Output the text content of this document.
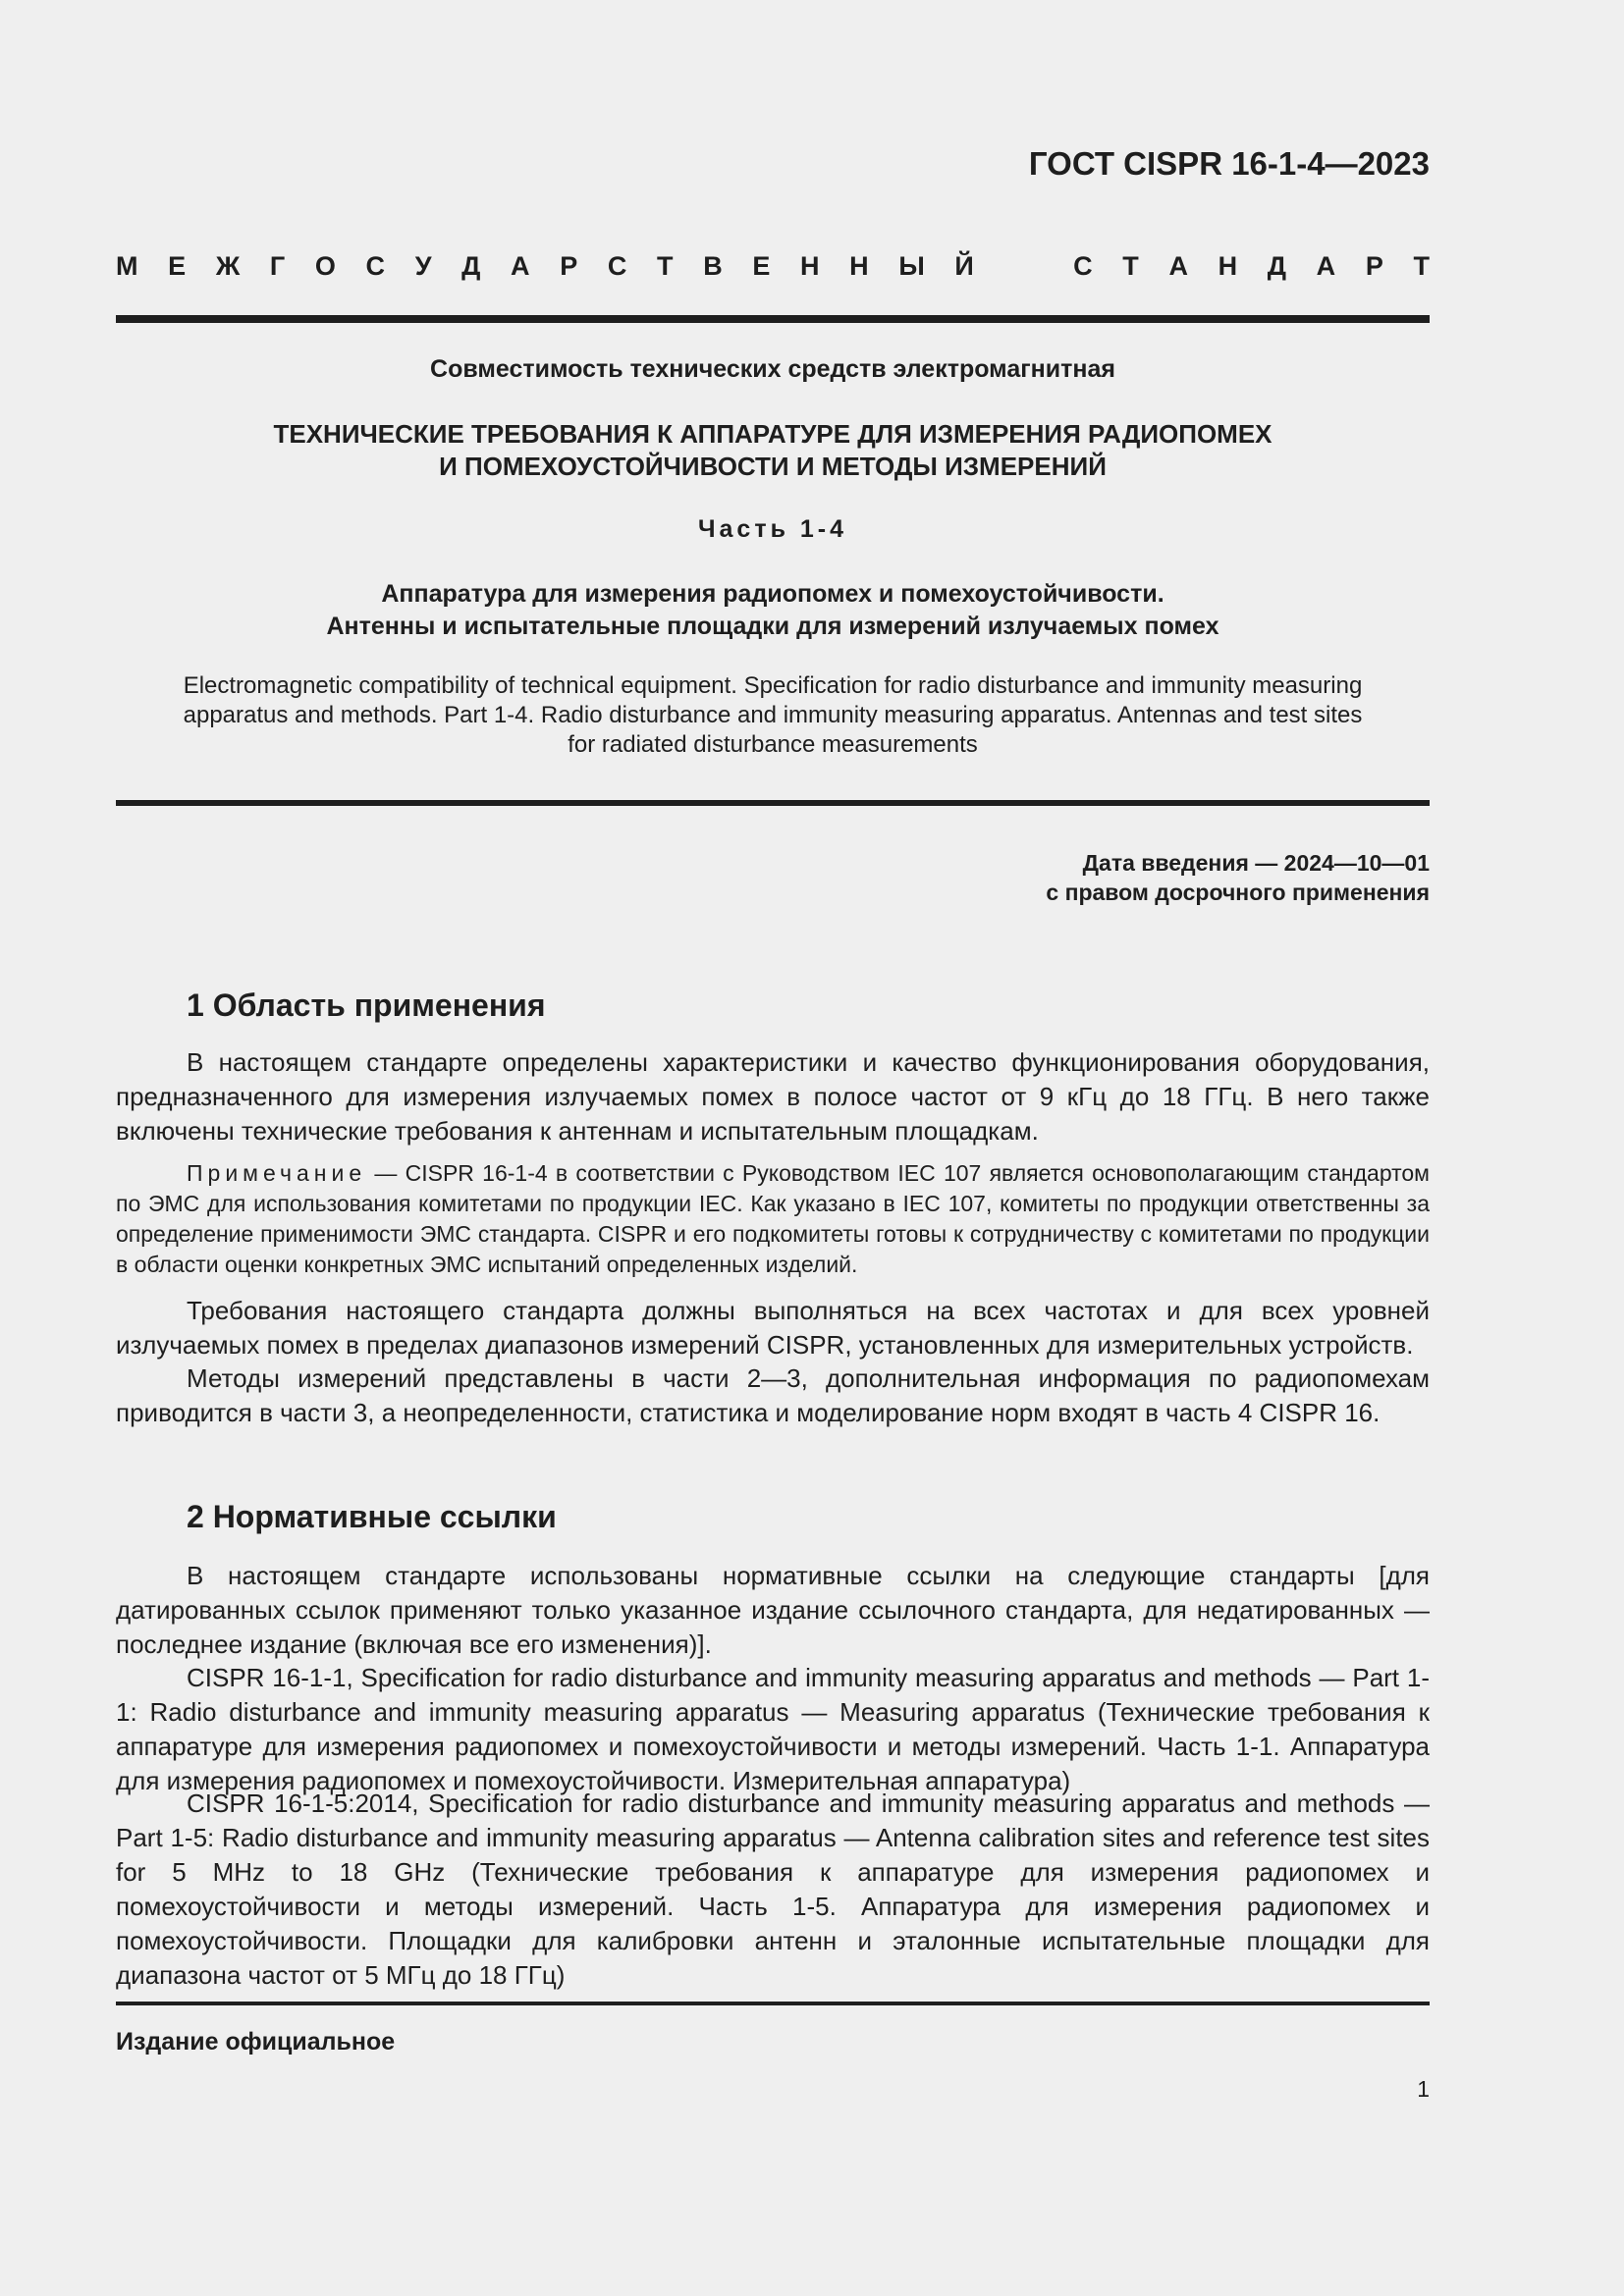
ГОСТ CISPR 16-1-4—2023

М Е Ж Г О С У Д А Р С Т В Е Н Н Ы Й	С Т А Н Д А Р Т

Совместимость технических средств электромагнитная

ТЕХНИЧЕСКИЕ ТРЕБОВАНИЯ К АППАРАТУРЕ ДЛЯ ИЗМЕРЕНИЯ РАДИОПОМЕХ
И ПОМЕХОУСТОЙЧИВОСТИ И МЕТОДЫ ИЗМЕРЕНИЙ

Часть 1-4

Аппаратура для измерения радиопомех и помехоустойчивости.
Антенны и испытательные площадки для измерений излучаемых помех
Electromagnetic compatibility of technical equipment. Specification for radio disturbance and immunity measuring
apparatus and methods. Part 1-4. Radio disturbance and immunity measuring apparatus. Antennas and test sites
for radiated disturbance measurements
Дата введения — 2024—10—01
с правом досрочного применения
1 Область применения

В настоящем стандарте определены характеристики и качество функционирования оборудования, предназначенного для измерения излучаемых помех в полосе частот от 9 кГц до 18 ГГц. В него также включены технические требования к антеннам и испытательным площадкам.

Примечание — CISPR 16-1-4 в соответствии с Руководством IEC 107 является основополагающим стандартом по ЭМС для использования комитетами по продукции IEC. Как указано в IEC 107, комитеты по продукции ответственны за определение применимости ЭМС стандарта. CISPR и его подкомитеты готовы к сотрудничеству с комитетами по продукции в области оценки конкретных ЭМС испытаний определенных изделий.

Требования настоящего стандарта должны выполняться на всех частотах и для всех уровней излучаемых помех в пределах диапазонов измерений CISPR, установленных для измерительных устройств.

Методы измерений представлены в части 2—3, дополнительная информация по радиопомехам приводится в части 3, а неопределенности, статистика и моделирование норм входят в часть 4 CISPR 16.

2 Нормативные ссылки

В настоящем стандарте использованы нормативные ссылки на следующие стандарты [для датированных ссылок применяют только указанное издание ссылочного стандарта, для недатированных — последнее издание (включая все его изменения)].

CISPR 16-1-1, Specification for radio disturbance and immunity measuring apparatus and methods — Part 1-1: Radio disturbance and immunity measuring apparatus — Measuring apparatus (Технические требования к аппаратуре для измерения радиопомех и помехоустойчивости и методы измерений. Часть 1-1. Аппаратура для измерения радиопомех и помехоустойчивости. Измерительная аппаратура)

CISPR 16-1-5:2014, Specification for radio disturbance and immunity measuring apparatus and methods — Part 1-5: Radio disturbance and immunity measuring apparatus — Antenna calibration sites and reference test sites for 5 MHz to 18 GHz (Технические требования к аппаратуре для измерения радиопомех и помехоустойчивости и методы измерений. Часть 1-5. Аппаратура для измерения радиопомех и помехоустойчивости. Площадки для калибровки антенн и эталонные испытательные площадки для диапазона частот от 5 МГц до 18 ГГц)

Издание официальное

1
